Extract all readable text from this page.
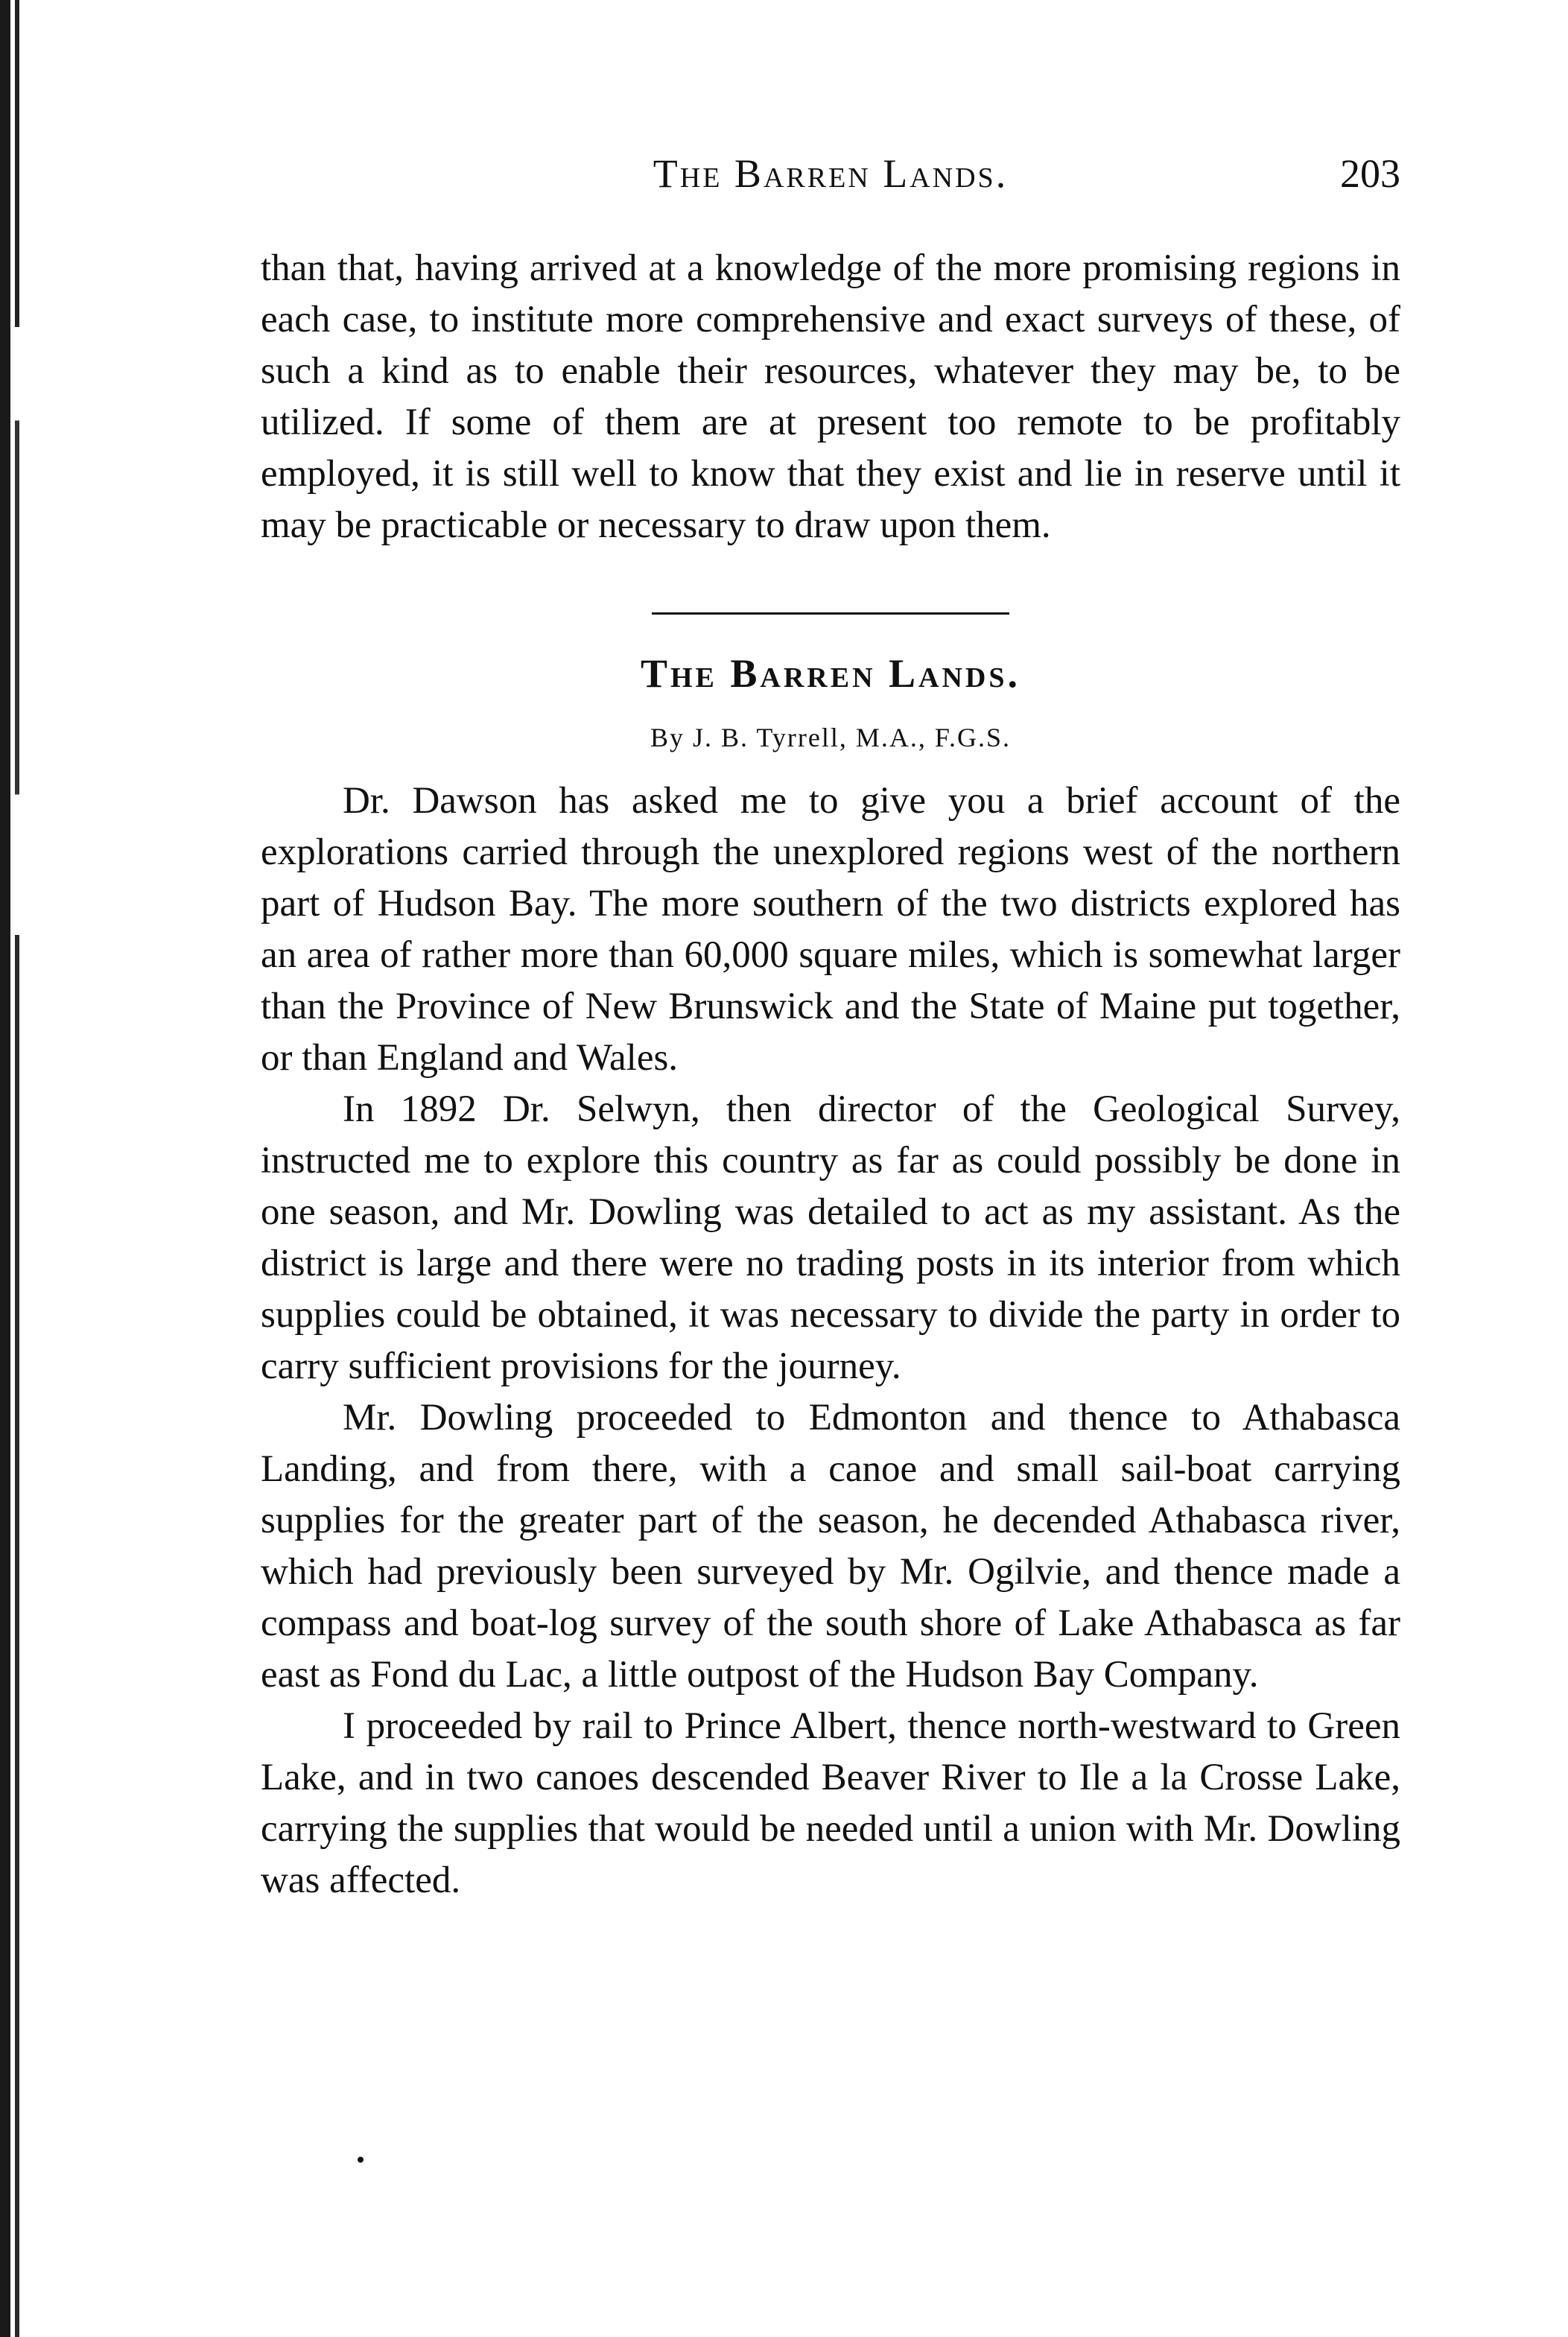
The Barren Lands.	203

than that, having arrived at a knowledge of the more promising regions in each case, to institute more comprehensive and exact surveys of these, of such a kind as to enable their resources, whatever they may be, to be utilized. If some of them are at present too remote to be profitably employed, it is still well to know that they exist and lie in reserve until it may be practicable or necessary to draw upon them.

The Barren Lands.
By J. B. Tyrrell, M.A., F.G.S.

Dr. Dawson has asked me to give you a brief account of the explorations carried through the unexplored regions west of the northern part of Hudson Bay. The more southern of the two districts explored has an area of rather more than 60,000 square miles, which is somewhat larger than the Province of New Brunswick and the State of Maine put together, or than England and Wales.

In 1892 Dr. Selwyn, then director of the Geological Survey, instructed me to explore this country as far as could possibly be done in one season, and Mr. Dowling was detailed to act as my assistant. As the district is large and there were no trading posts in its interior from which supplies could be obtained, it was necessary to divide the party in order to carry sufficient provisions for the journey.

Mr. Dowling proceeded to Edmonton and thence to Athabasca Landing, and from there, with a canoe and small sail-boat carrying supplies for the greater part of the season, he decended Athabasca river, which had previously been surveyed by Mr. Ogilvie, and thence made a compass and boat-log survey of the south shore of Lake Athabasca as far east as Fond du Lac, a little outpost of the Hudson Bay Company.

I proceeded by rail to Prince Albert, thence north-westward to Green Lake, and in two canoes descended Beaver River to Ile a la Crosse Lake, carrying the supplies that would be needed until a union with Mr. Dowling was affected.
